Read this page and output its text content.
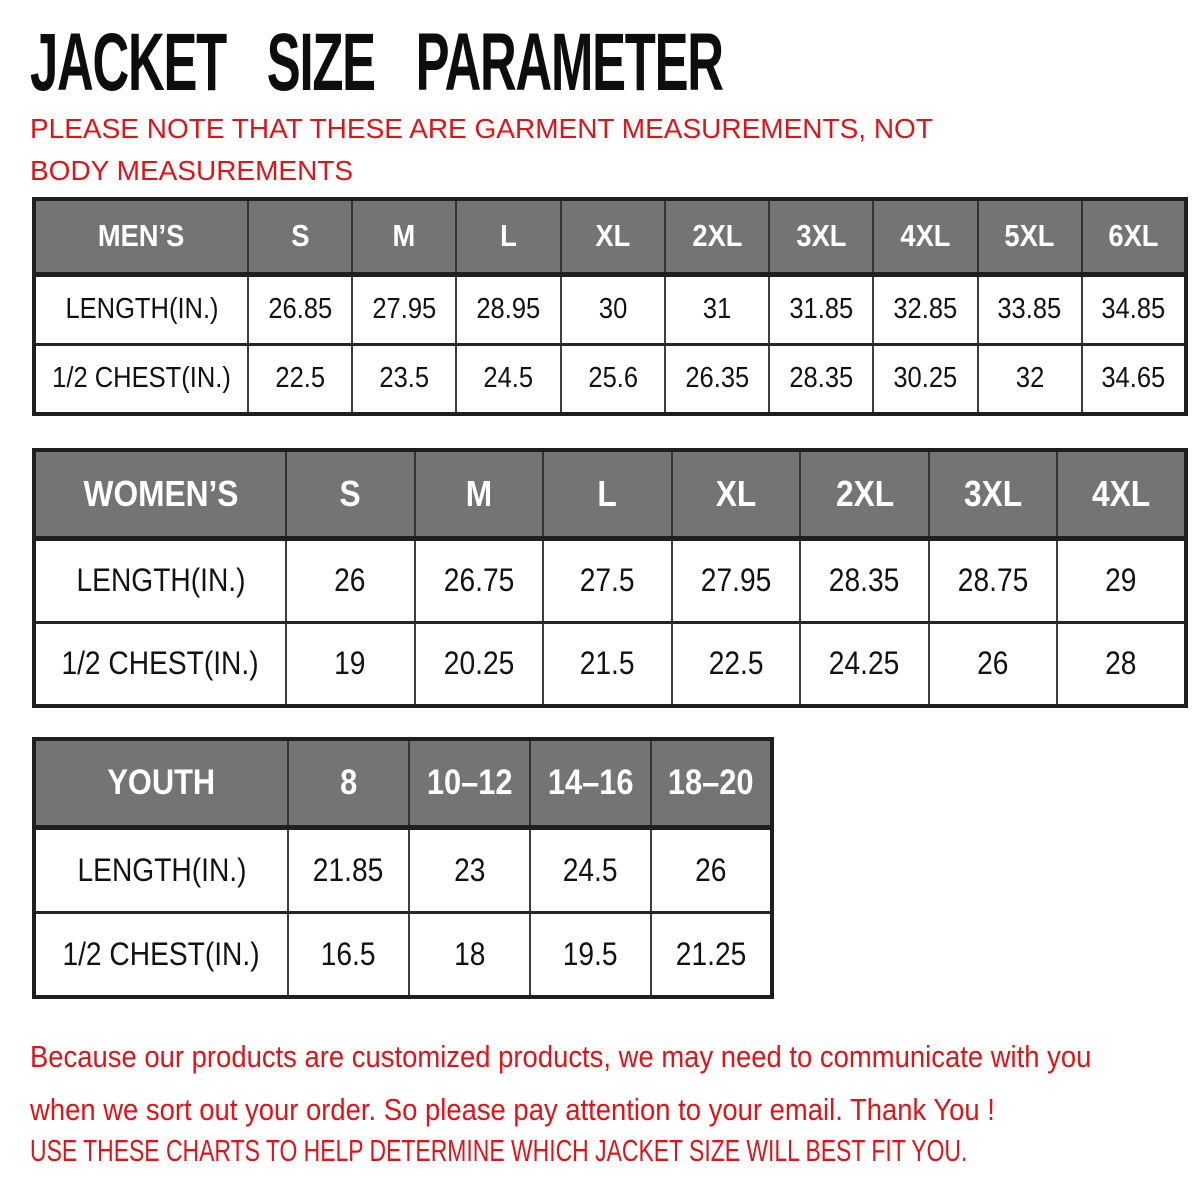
JACKET SIZE PARAMETER

PLEASE NOTE THAT THESE ARE GARMENT MEASUREMENTS, NOT BODY MEASUREMENTS

MEN’S	S	M	L	XL	2XL	3XL	4XL	5XL	6XL
LENGTH(IN.)	26.85	27.95	28.95	30	31	31.85	32.85	33.85	34.85
1/2 CHEST(IN.)	22.5	23.5	24.5	25.6	26.35	28.35	30.25	32	34.65
WOMEN’S	S	M	L	XL	2XL	3XL	4XL
LENGTH(IN.)	26	26.75	27.5	27.95	28.35	28.75	29
1/2 CHEST(IN.)	19	20.25	21.5	22.5	24.25	26	28
YOUTH	8	10–12	14–16	18–20
LENGTH(IN.)	21.85	23	24.5	26
1/2 CHEST(IN.)	16.5	18	19.5	21.25
Because our products are customized products, we may need to communicate with you
when we sort out your order. So please pay attention to your email. Thank You !

USE THESE CHARTS TO HELP DETERMINE WHICH JACKET SIZE WILL BEST FIT YOU.
